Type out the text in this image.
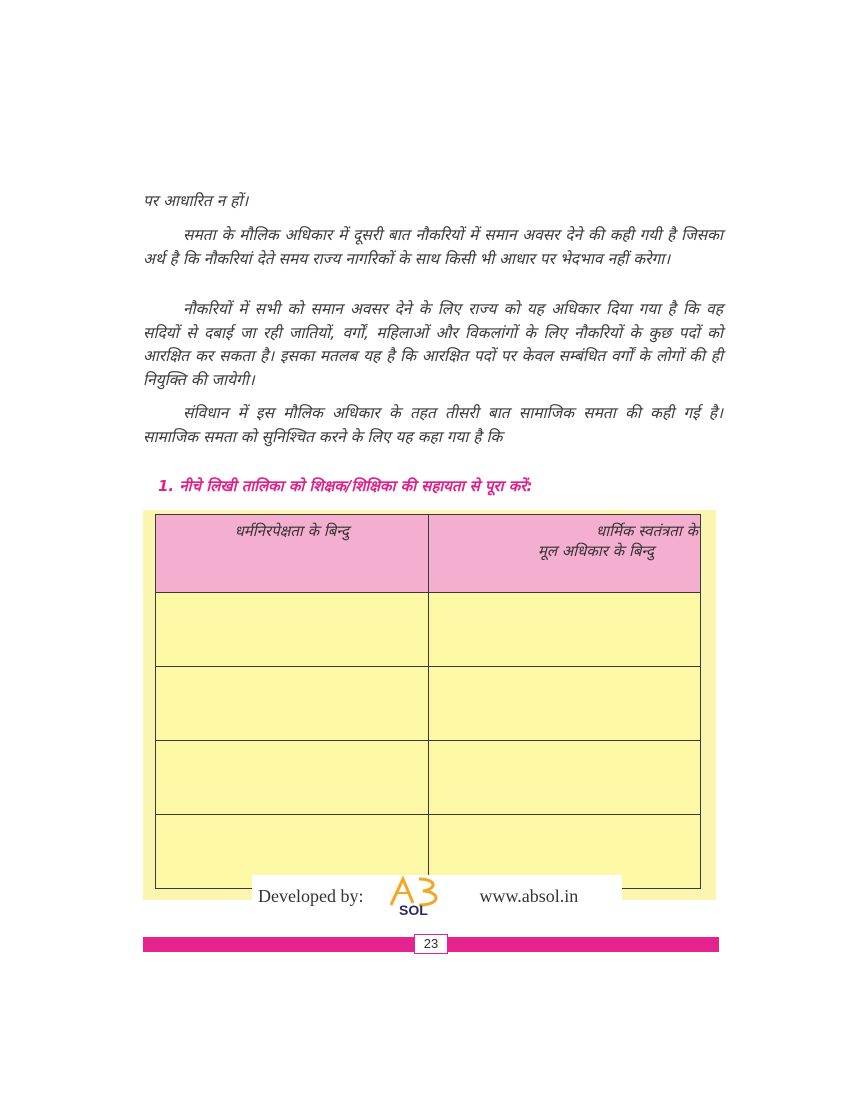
पर आधारित न हों।

समता के मौलिक अधिकार में दूसरी बात नौकरियों में समान अवसर देने की कही गयी है जिसका अर्थ है कि नौकरियां देते समय राज्य नागरिकों के साथ किसी भी आधार पर भेदभाव नहीं करेगा।

नौकरियों में सभी को समान अवसर देने के लिए राज्य को यह अधिकार दिया गया है कि वह सदियों से दबाई जा रही जातियों, वर्गों, महिलाओं और विकलांगों के लिए नौकरियों के कुछ पदों को आरक्षित कर सकता है। इसका मतलब यह है कि आरक्षित पदों पर केवल सम्बंधित वर्गों के लोगों की ही नियुक्ति की जायेगी।

संविधान में इस मौलिक अधिकार के तहत तीसरी बात सामाजिक समता की कही गई है। सामाजिक समता को सुनिश्चित करने के लिए यह कहा गया है कि

1. नीचे लिखी तालिका को शिक्षक/शिक्षिका की सहायता से पूरा करें:

धर्मनिरपेक्षता के बिन्दु	धार्मिक स्वतंत्रता के
मूल अधिकार के बिन्दु

Developed by:
SOL
www.absol.in
23
